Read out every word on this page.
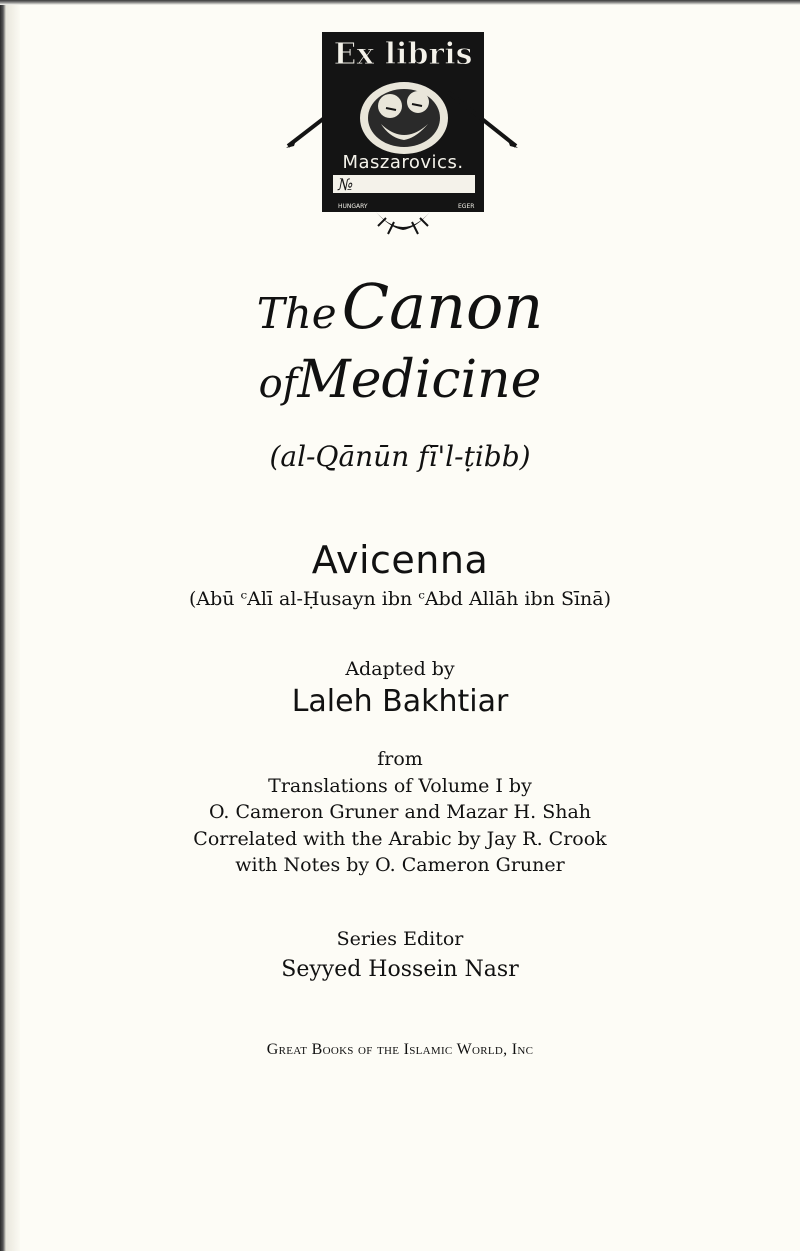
Ex libris
Maszarovics.
№
HUNGARY	EGER
The Canon
ofMedicine
(al-Qānūn fī'l-ṭibb)
Avicenna
(Abū ᶜAlī al-Ḥusayn ibn ᶜAbd Allāh ibn Sīnā)
Adapted by
Laleh Bakhtiar
from
Translations of Volume I by
O. Cameron Gruner and Mazar H. Shah
Correlated with the Arabic by Jay R. Crook
with Notes by O. Cameron Gruner
Series Editor
Seyyed Hossein Nasr
Great Books of the Islamic World, Inc
